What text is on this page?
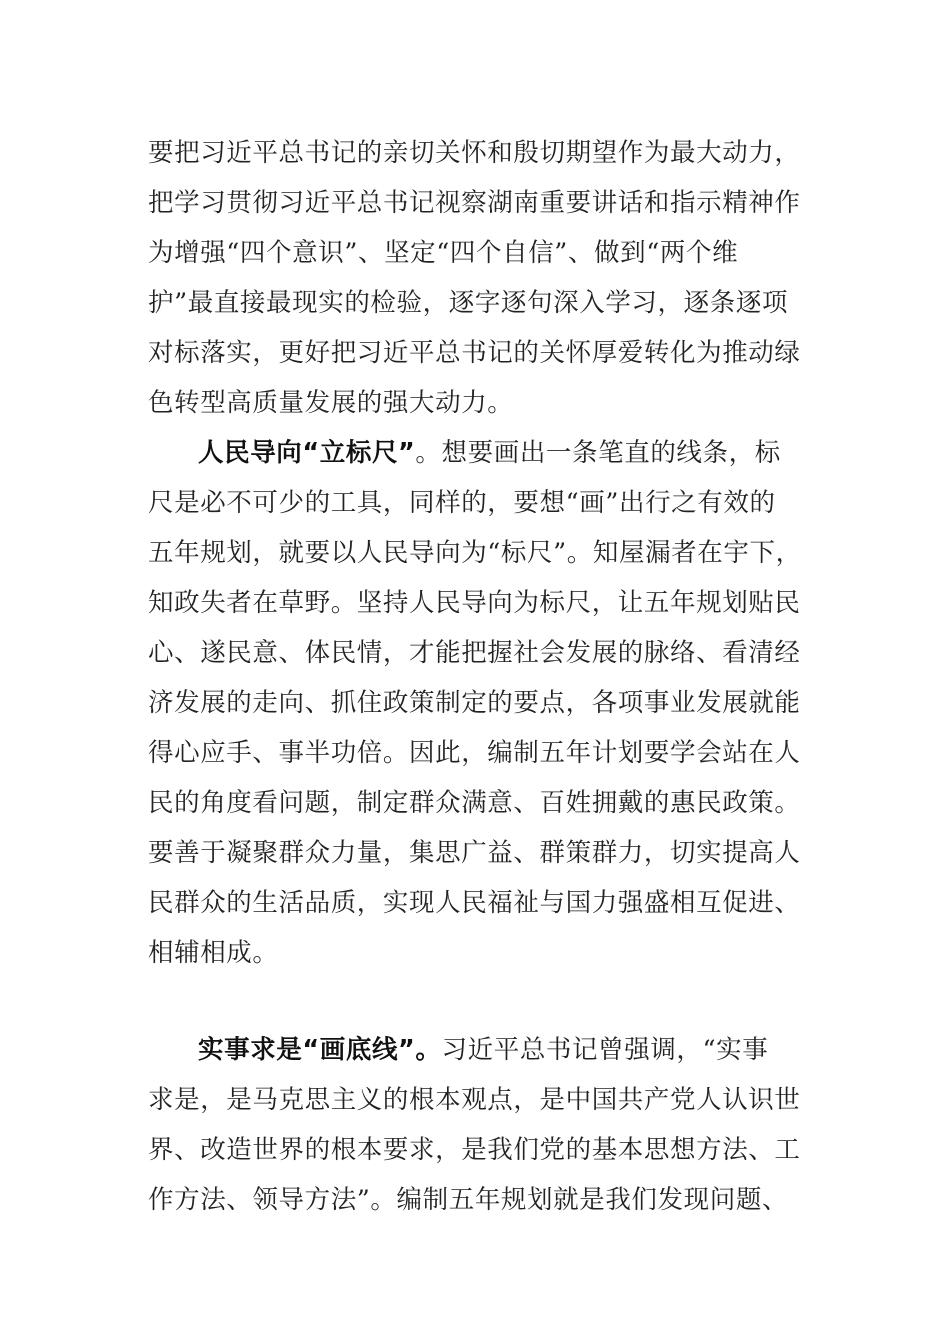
要把习近平总书记的亲切关怀和殷切期望作为最大动力，
把学习贯彻习近平总书记视察湖南重要讲话和指示精神作
为增强“四个意识”、坚定“四个自信”、做到“两个维
护”最直接最现实的检验，逐字逐句深入学习，逐条逐项
对标落实，更好把习近平总书记的关怀厚爱转化为推动绿
色转型高质量发展的强大动力。
人民导向“立标尺”。想要画出一条笔直的线条，标
尺是必不可少的工具，同样的，要想“画”出行之有效的
五年规划，就要以人民导向为“标尺”。知屋漏者在宇下，
知政失者在草野。坚持人民导向为标尺，让五年规划贴民
心、遂民意、体民情，才能把握社会发展的脉络、看清经
济发展的走向、抓住政策制定的要点，各项事业发展就能
得心应手、事半功倍。因此，编制五年计划要学会站在人
民的角度看问题，制定群众满意、百姓拥戴的惠民政策。
要善于凝聚群众力量，集思广益、群策群力，切实提高人
民群众的生活品质，实现人民福祉与国力强盛相互促进、
相辅相成。
实事求是“画底线”。习近平总书记曾强调，“实事
求是，是马克思主义的根本观点，是中国共产党人认识世
界、改造世界的根本要求，是我们党的基本思想方法、工
作方法、领导方法”。编制五年规划就是我们发现问题、
